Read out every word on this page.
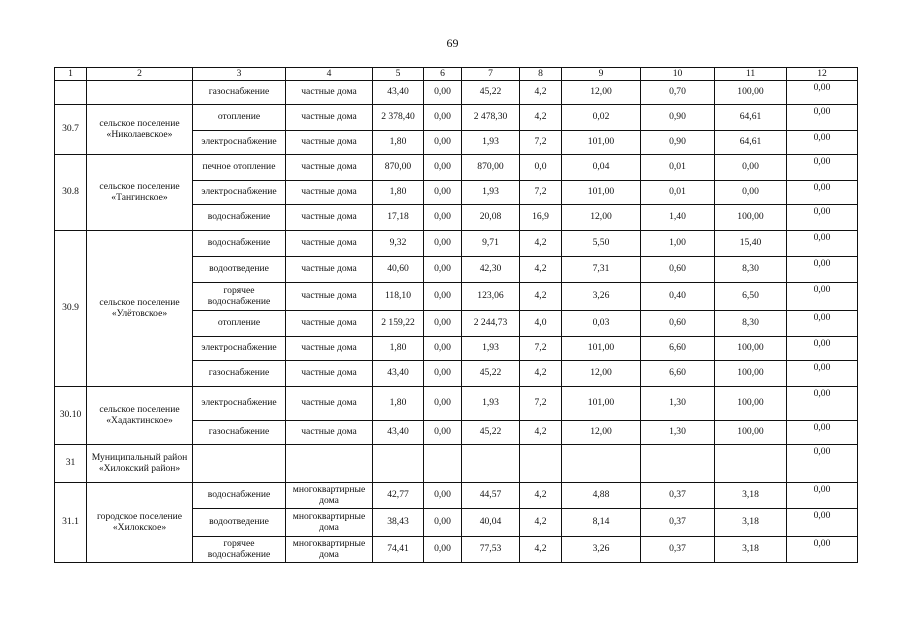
69
1	2	3	4	5	6	7	8	9	10	11	12
		газоснабжение	частные дома	43,40	0,00	45,22	4,2	12,00	0,70	100,00	0,00
30.7	сельское поселение «Николаевское»	отопление	частные дома	2 378,40	0,00	2 478,30	4,2	0,02	0,90	64,61	0,00
		электроснабжение	частные дома	1,80	0,00	1,93	7,2	101,00	0,90	64,61	0,00
30.8	сельское поселение «Тангинское»	печное отопление	частные дома	870,00	0,00	870,00	0,0	0,04	0,01	0,00	0,00
		электроснабжение	частные дома	1,80	0,00	1,93	7,2	101,00	0,01	0,00	0,00
		водоснабжение	частные дома	17,18	0,00	20,08	16,9	12,00	1,40	100,00	0,00
30.9	сельское поселение «Улётовское»	водоснабжение	частные дома	9,32	0,00	9,71	4,2	5,50	1,00	15,40	0,00
		водоотведение	частные дома	40,60	0,00	42,30	4,2	7,31	0,60	8,30	0,00
		горячее водоснабжение	частные дома	118,10	0,00	123,06	4,2	3,26	0,40	6,50	0,00
		отопление	частные дома	2 159,22	0,00	2 244,73	4,0	0,03	0,60	8,30	0,00
		электроснабжение	частные дома	1,80	0,00	1,93	7,2	101,00	6,60	100,00	0,00
		газоснабжение	частные дома	43,40	0,00	45,22	4,2	12,00	6,60	100,00	0,00
30.10	сельское поселение «Хадактинское»	электроснабжение	частные дома	1,80	0,00	1,93	7,2	101,00	1,30	100,00	0,00
		газоснабжение	частные дома	43,40	0,00	45,22	4,2	12,00	1,30	100,00	0,00
31	Муниципальный район «Хилокский район»										0,00
31.1	городское поселение «Хилокское»	водоснабжение	многоквартирные дома	42,77	0,00	44,57	4,2	4,88	0,37	3,18	0,00
		водоотведение	многоквартирные дома	38,43	0,00	40,04	4,2	8,14	0,37	3,18	0,00
		горячее водоснабжение	многоквартирные дома	74,41	0,00	77,53	4,2	3,26	0,37	3,18	0,00
